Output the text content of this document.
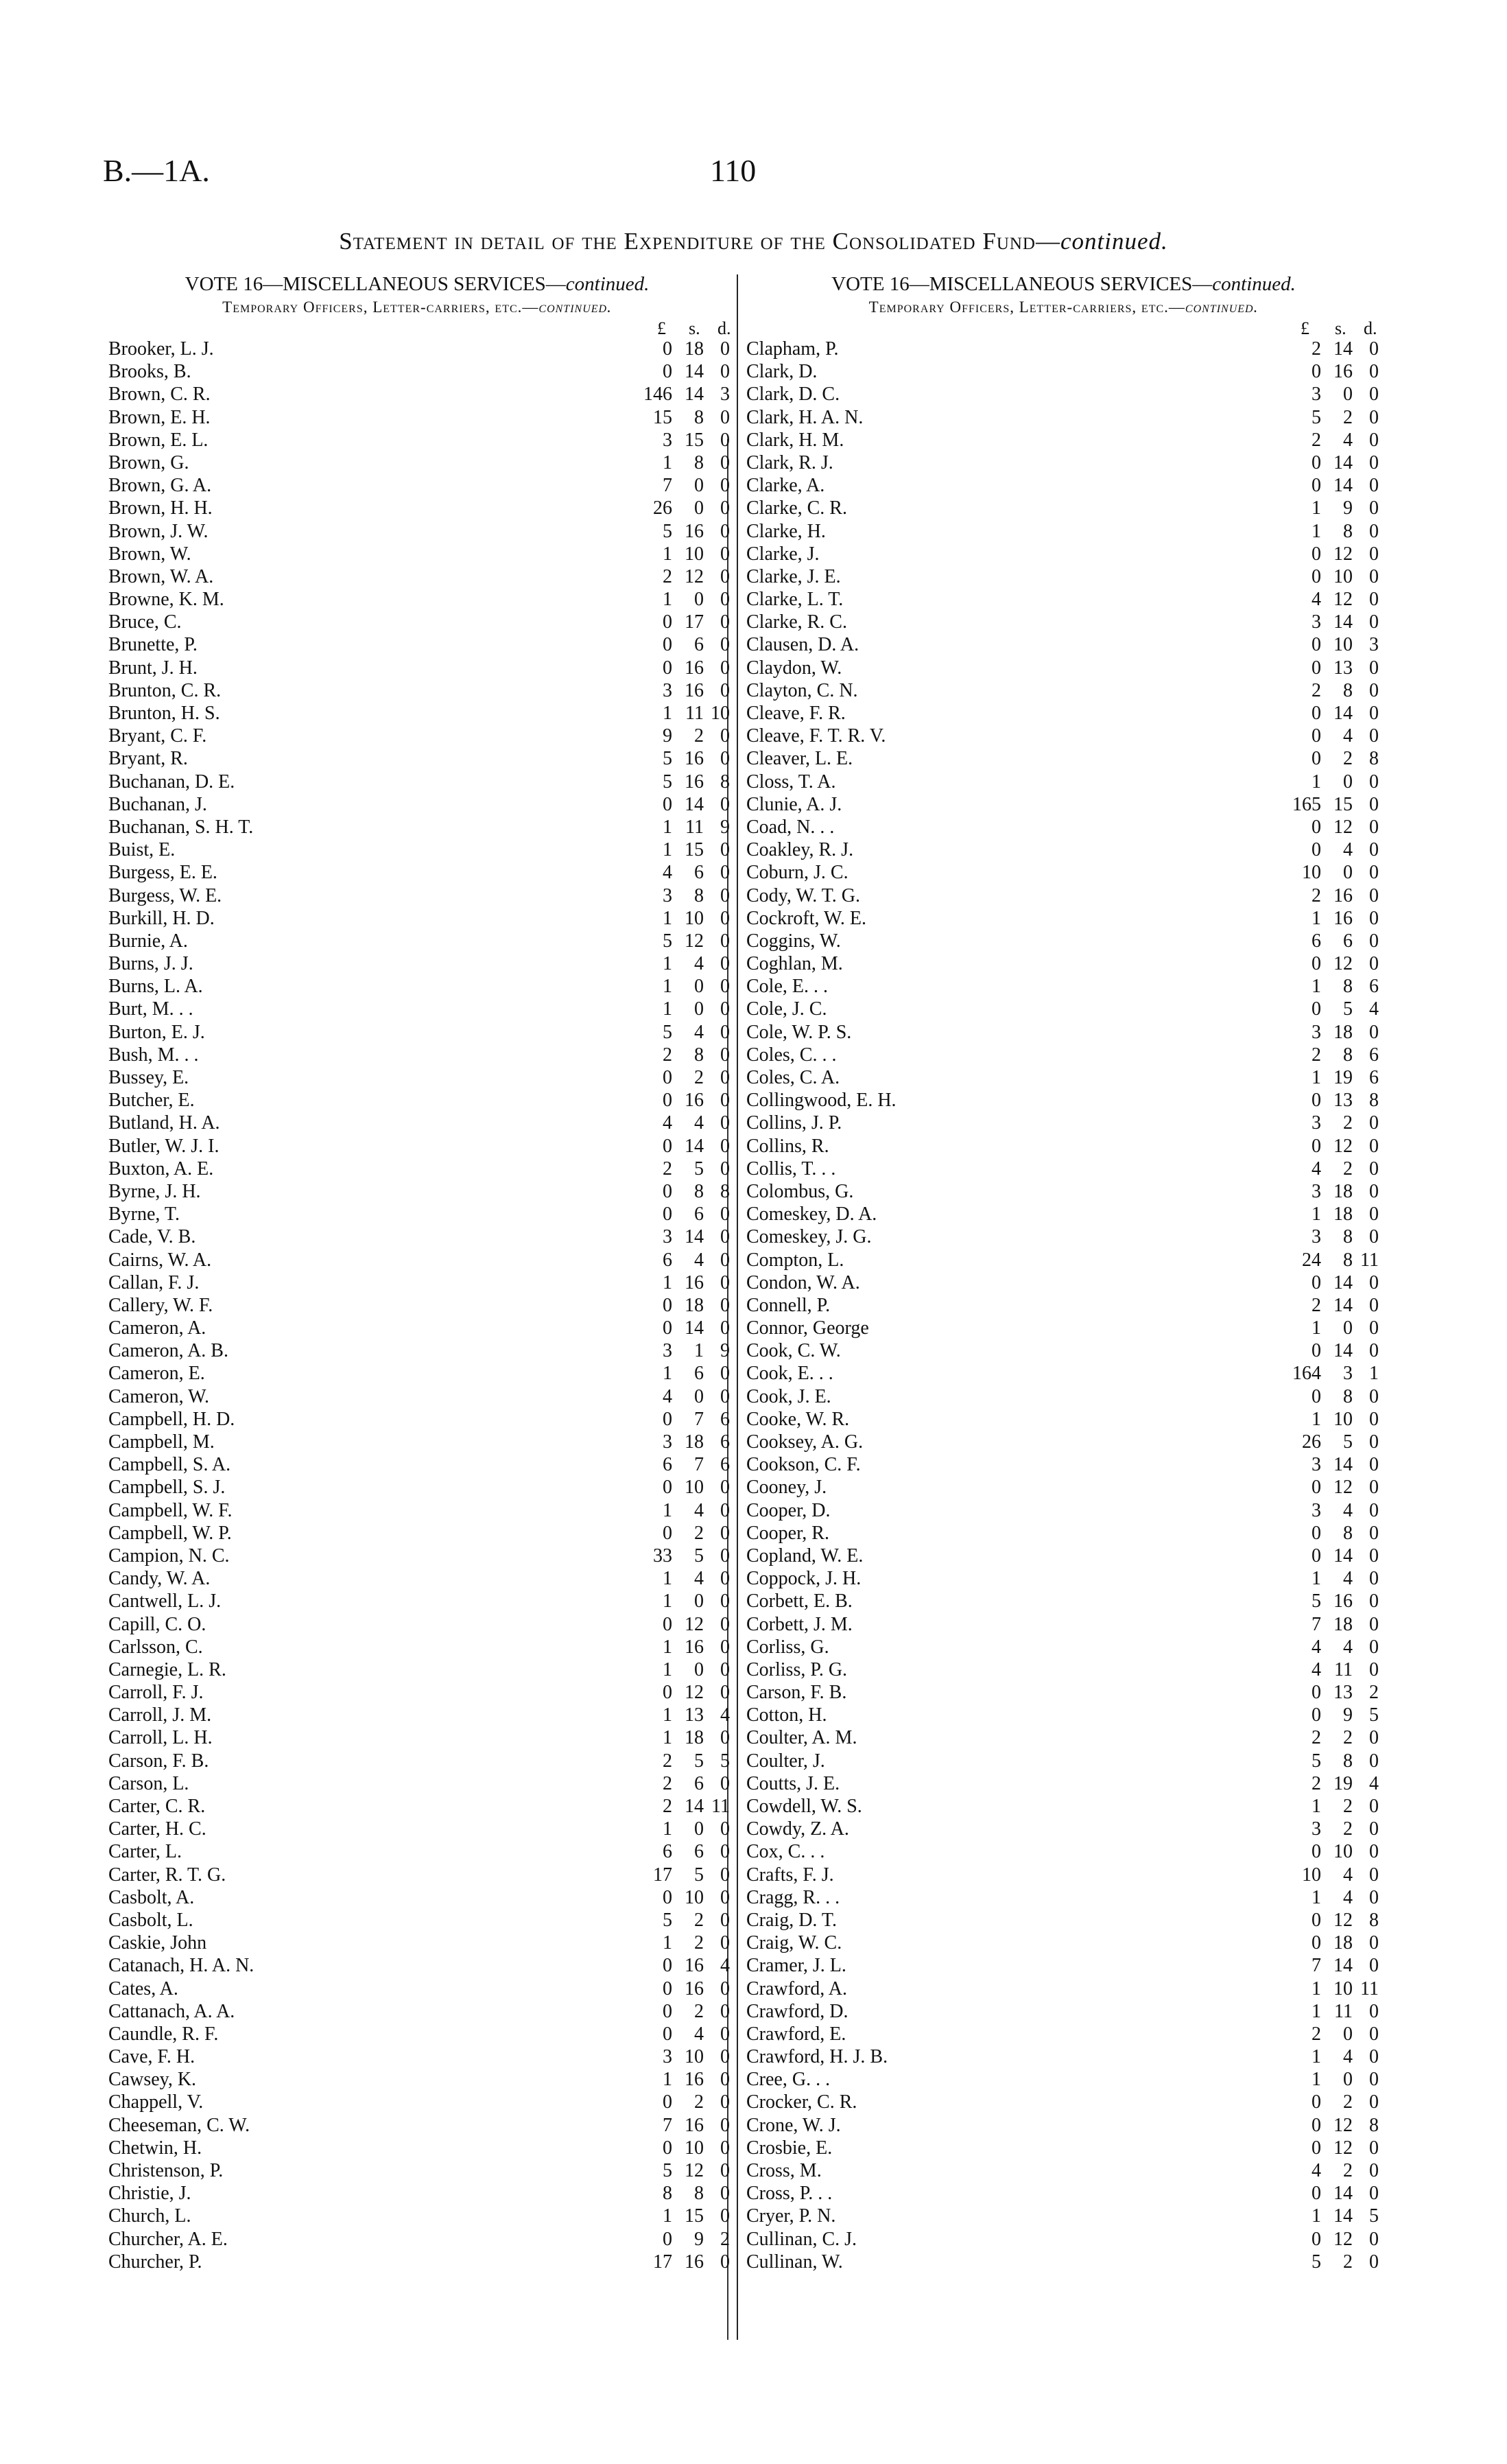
B.—1A.	110
Statement in detail of the Expenditure of the Consolidated Fund—continued.
VOTE 16—MISCELLANEOUS SERVICES—continued.
Temporary Officers, Letter-carriers, etc.—continued.
£ s. d.
Brooker, L. J.	0 18 0
Brooks, B.	0 14 0
Brown, C. R.	146 14 3
Brown, E. H.	15	8 0
Brown, E. L.	3 15 0
Brown, G.	1	8 0
Brown, G. A.	7	0 0
Brown, H. H.	26	0 0
Brown, J. W.	5 16 0
Brown, W.	1 10 0
Brown, W. A.	2 12 0
Browne, K. M.	1	0 0
Bruce, C.	0 17 0
Brunette, P.	0	6 0
Brunt, J. H.	0 16 0
Brunton, C. R.	3 16 0
Brunton, H. S.	1 11 10
Bryant, C. F.	9	2 0
Bryant, R.	5 16 0
Buchanan, D. E.	5 16 8
Buchanan, J.	0 14 0
Buchanan, S. H. T.	1 11 9
Buist, E.	1 15 0
Burgess, E. E.	4	6 0
Burgess, W. E.	3	8 0
Burkill, H. D.	1 10 0
Burnie, A.	5 12 0
Burns, J. J.	1	4 0
Burns, L. A.	1	0 0
Burt, M. . .	1	0 0
Burton, E. J.	5	4 0
Bush, M. . .	2	8 0
Bussey, E.	0	2 0
Butcher, E.	0 16 0
Butland, H. A.	4	4 0
Butler, W. J. I.	0 14 0
Buxton, A. E.	2	5 0
Byrne, J. H.	0	8 8
Byrne, T.	0	6 0
Cade, V. B.	3 14 0
Cairns, W. A.	6	4 0
Callan, F. J.	1 16 0
Callery, W. F.	0 18 0
Cameron, A.	0 14 0
Cameron, A. B.	3	1 9
Cameron, E.	1	6 0
Cameron, W.	4	0 0
Campbell, H. D.	0	7 6
Campbell, M.	3 18 6
Campbell, S. A.	6	7 6
Campbell, S. J.	0 10 0
Campbell, W. F.	1	4 0
Campbell, W. P.	0	2 0
Campion, N. C.	33	5 0
Candy, W. A.	1	4 0
Cantwell, L. J.	1	0 0
Capill, C. O.	0 12 0
Carlsson, C.	1 16 0
Carnegie, L. R.	1	0 0
Carroll, F. J.	0 12 0
Carroll, J. M.	1 13 4
Carroll, L. H.	1 18 0
Carson, F. B.	2	5 5
Carson, L.	2	6 0
Carter, C. R.	2 14 11
Carter, H. C.	1	0 0
Carter, L.	6	6 0
Carter, R. T. G.	17	5 0
Casbolt, A.	0 10 0
Casbolt, L.	5	2 0
Caskie, John	1	2 0
Catanach, H. A. N.	0 16 4
Cates, A.	0 16 0
Cattanach, A. A.	0	2 0
Caundle, R. F.	0	4 0
Cave, F. H.	3 10 0
Cawsey, K.	1 16 0
Chappell, V.	0	2 0
Cheeseman, C. W.	7 16 0
Chetwin, H.	0 10 0
Christenson, P.	5 12 0
Christie, J.	8	8 0
Church, L.	1 15 0
Churcher, A. E.	0	9 2
Churcher, P.	17 16 0
VOTE 16—MISCELLANEOUS SERVICES—continued.
Temporary Officers, Letter-carriers, etc.—continued.
£ s. d.
Clapham, P.	2 14 0
Clark, D.	0 16 0
Clark, D. C.	3	0 0
Clark, H. A. N.	5	2 0
Clark, H. M.	2	4 0
Clark, R. J.	0 14 0
Clarke, A.	0 14 0
Clarke, C. R.	1	9 0
Clarke, H.	1	8 0
Clarke, J.	0 12 0
Clarke, J. E.	0 10 0
Clarke, L. T.	4 12 0
Clarke, R. C.	3 14 0
Clausen, D. A.	0 10 3
Claydon, W.	0 13 0
Clayton, C. N.	2	8 0
Cleave, F. R.	0 14 0
Cleave, F. T. R. V.	0	4 0
Cleaver, L. E.	0	2 8
Closs, T. A.	1	0 0
Clunie, A. J.	165 15 0
Coad, N. . .	0 12 0
Coakley, R. J.	0	4 0
Coburn, J. C.	10	0 0
Cody, W. T. G.	2 16 0
Cockroft, W. E.	1 16 0
Coggins, W.	6	6 0
Coghlan, M.	0 12 0
Cole, E. . .	1	8 6
Cole, J. C.	0	5 4
Cole, W. P. S.	3 18 0
Coles, C. . .	2	8 6
Coles, C. A.	1 19 6
Collingwood, E. H.	0 13 8
Collins, J. P.	3	2 0
Collins, R.	0 12 0
Collis, T. . .	4	2 0
Colombus, G.	3 18 0
Comeskey, D. A.	1 18 0
Comeskey, J. G.	3	8 0
Compton, L.	24	8 11
Condon, W. A.	0 14 0
Connell, P.	2 14 0
Connor, George	1	0 0
Cook, C. W.	0 14 0
Cook, E. . .	164	3 1
Cook, J. E.	0	8 0
Cooke, W. R.	1 10 0
Cooksey, A. G.	26	5 0
Cookson, C. F.	3 14 0
Cooney, J.	0 12 0
Cooper, D.	3	4 0
Cooper, R.	0	8 0
Copland, W. E.	0 14 0
Coppock, J. H.	1	4 0
Corbett, E. B.	5 16 0
Corbett, J. M.	7 18 0
Corliss, G.	4	4 0
Corliss, P. G.	4 11 0
Carson, F. B.	0 13 2
Cotton, H.	0	9 5
Coulter, A. M.	2	2 0
Coulter, J.	5	8 0
Coutts, J. E.	2 19 4
Cowdell, W. S.	1	2 0
Cowdy, Z. A.	3	2 0
Cox, C. . .	0 10 0
Crafts, F. J.	10	4 0
Cragg, R. . .	1	4 0
Craig, D. T.	0 12 8
Craig, W. C.	0 18 0
Cramer, J. L.	7 14 0
Crawford, A.	1 10 11
Crawford, D.	1 11 0
Crawford, E.	2	0 0
Crawford, H. J. B.	1	4 0
Cree, G. . .	1	0 0
Crocker, C. R.	0	2 0
Crone, W. J.	0 12 8
Crosbie, E.	0 12 0
Cross, M.	4	2 0
Cross, P. . .	0 14 0
Cryer, P. N.	1 14 5
Cullinan, C. J.	0 12 0
Cullinan, W.	5	2 0
